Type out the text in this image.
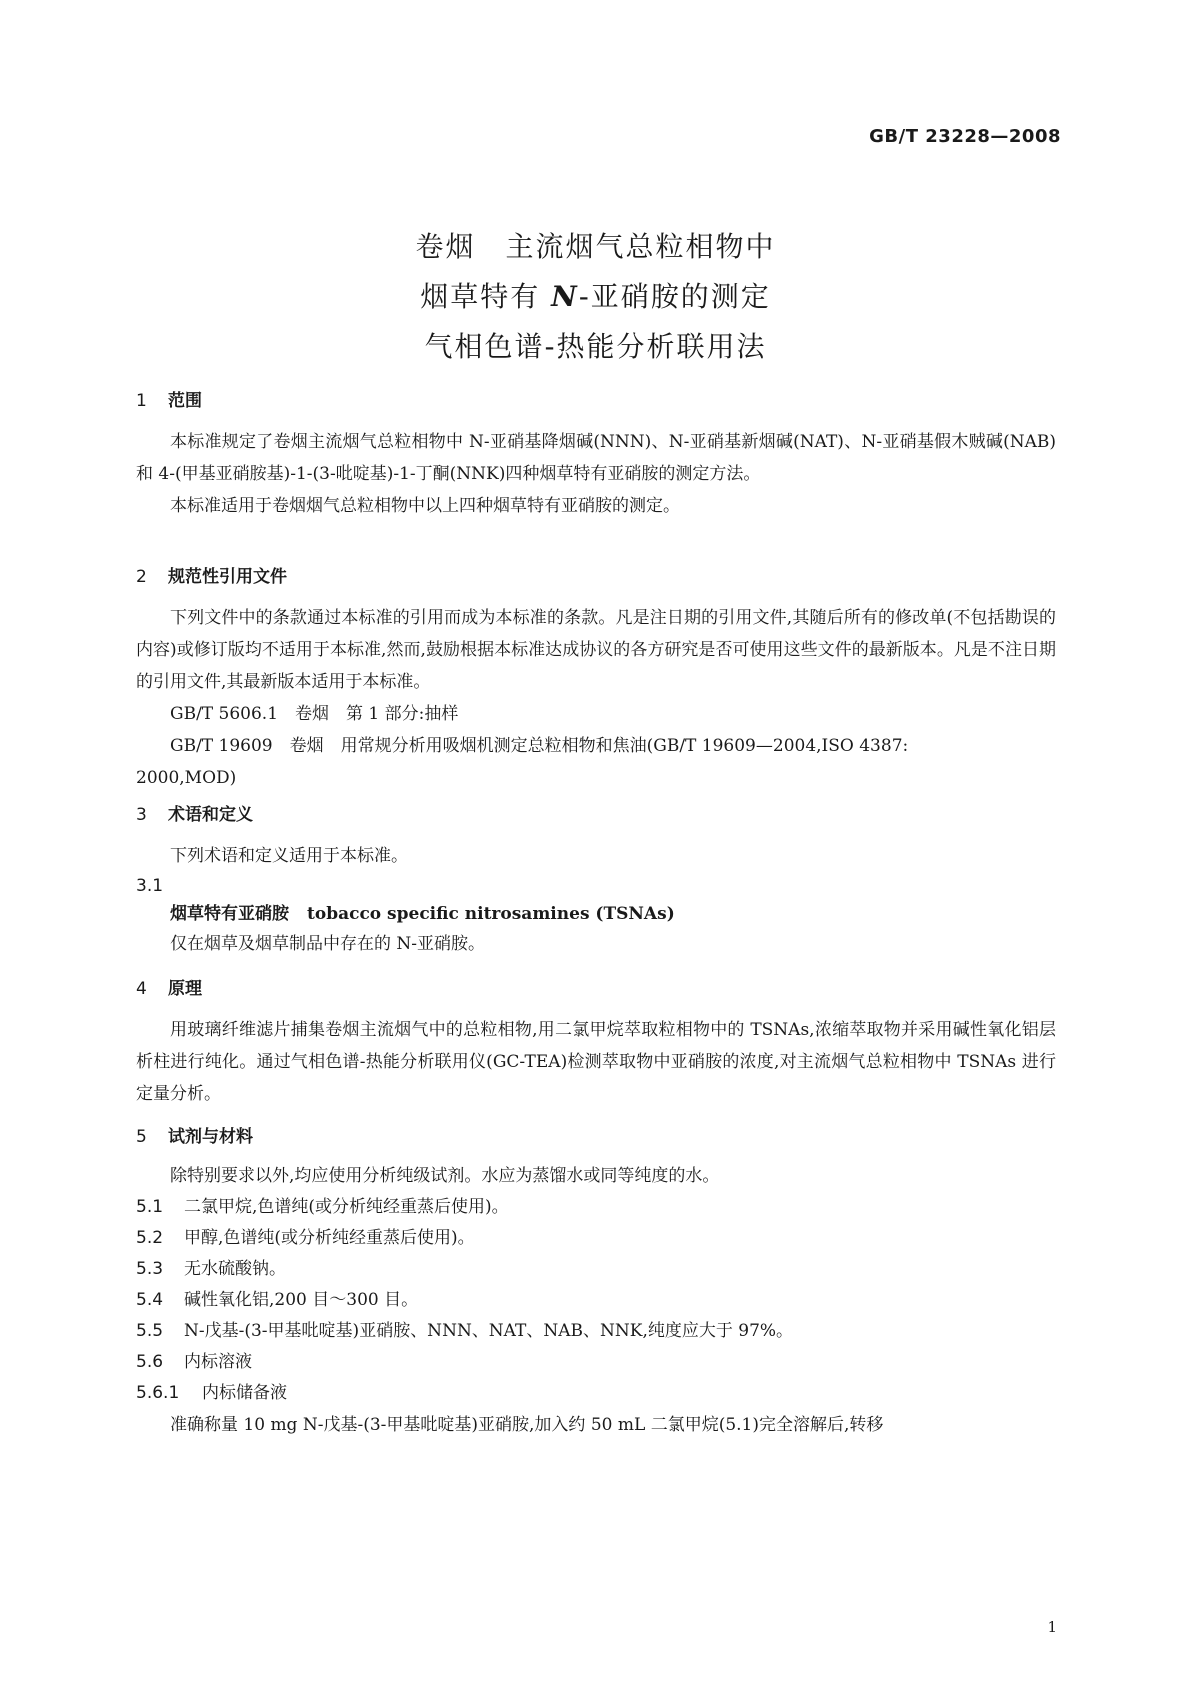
GB/T 23228—2008
卷烟　主流烟气总粒相物中
烟草特有 N-亚硝胺的测定
气相色谱-热能分析联用法
1 范围

本标准规定了卷烟主流烟气总粒相物中 N-亚硝基降烟碱(NNN)、N-亚硝基新烟碱(NAT)、N-亚硝基假木贼碱(NAB)和 4-(甲基亚硝胺基)-1-(3-吡啶基)-1-丁酮(NNK)四种烟草特有亚硝胺的测定方法。

本标准适用于卷烟烟气总粒相物中以上四种烟草特有亚硝胺的测定。

2 规范性引用文件

下列文件中的条款通过本标准的引用而成为本标准的条款。凡是注日期的引用文件,其随后所有的修改单(不包括勘误的内容)或修订版均不适用于本标准,然而,鼓励根据本标准达成协议的各方研究是否可使用这些文件的最新版本。凡是不注日期的引用文件,其最新版本适用于本标准。

GB/T 5606.1　卷烟　第 1 部分:抽样
GB/T 19609　卷烟　用常规分析用吸烟机测定总粒相物和焦油(GB/T 19609—2004,ISO 4387:
2000,MOD)
3 术语和定义

下列术语和定义适用于本标准。

3.1
烟草特有亚硝胺 tobacco specific nitrosamines (TSNAs)
仅在烟草及烟草制品中存在的 N-亚硝胺。
4 原理

用玻璃纤维滤片捕集卷烟主流烟气中的总粒相物,用二氯甲烷萃取粒相物中的 TSNAs,浓缩萃取物并采用碱性氧化铝层析柱进行纯化。通过气相色谱-热能分析联用仪(GC-TEA)检测萃取物中亚硝胺的浓度,对主流烟气总粒相物中 TSNAs 进行定量分析。

5 试剂与材料

除特别要求以外,均应使用分析纯级试剂。水应为蒸馏水或同等纯度的水。

5.1 二氯甲烷,色谱纯(或分析纯经重蒸后使用)。
5.2 甲醇,色谱纯(或分析纯经重蒸后使用)。
5.3 无水硫酸钠。
5.4 碱性氧化铝,200 目～300 目。
5.5 N-戊基-(3-甲基吡啶基)亚硝胺、NNN、NAT、NAB、NNK,纯度应大于 97%。
5.6 内标溶液
5.6.1 内标储备液

准确称量 10 mg N-戊基-(3-甲基吡啶基)亚硝胺,加入约 50 mL 二氯甲烷(5.1)完全溶解后,转移

1
